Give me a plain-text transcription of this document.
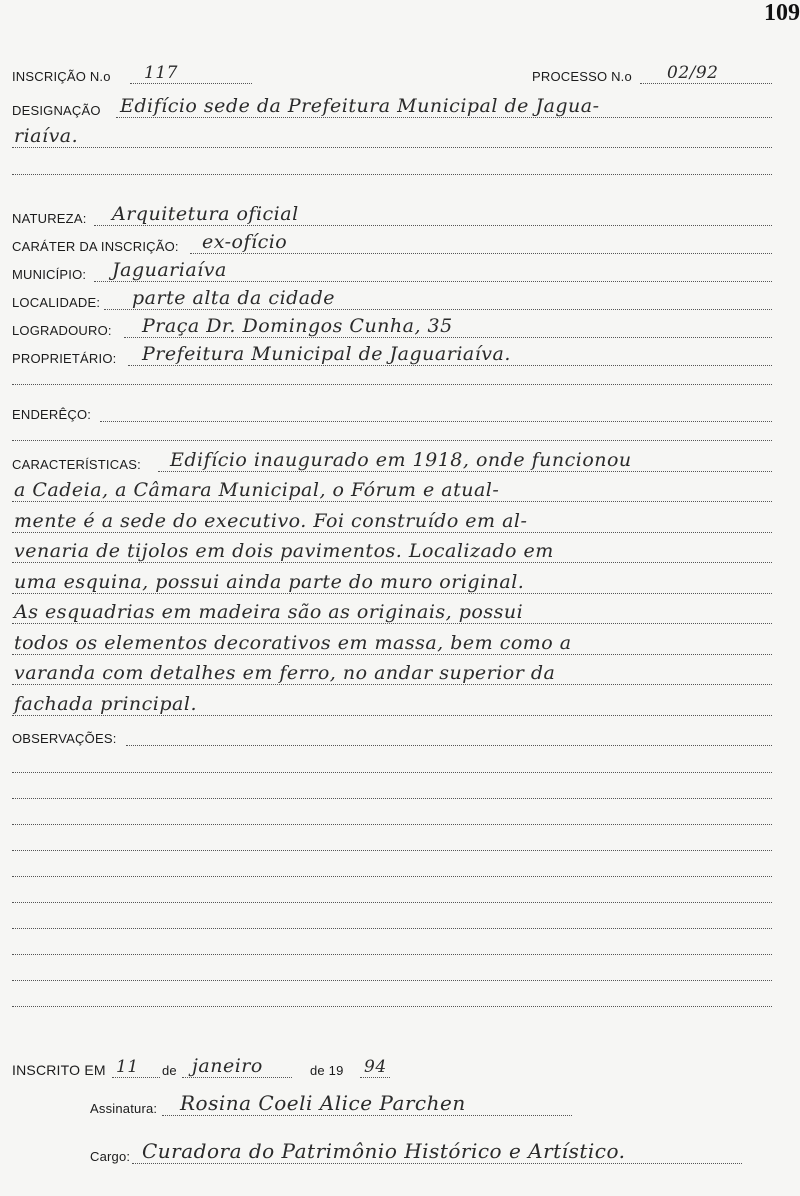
109
INSCRIÇÃO N.o 117	PROCESSO N.o 02/92
DESIGNAÇÃO Edifício sede da Prefeitura Municipal de Jagua-
riaíva.
NATUREZA: Arquitetura oficial
CARÁTER DA INSCRIÇÃO: ex-ofício
MUNICÍPIO: Jaguariaíva
LOCALIDADE: parte alta da cidade
LOGRADOURO: Praça Dr. Domingos Cunha, 35
PROPRIETÁRIO: Prefeitura Municipal de Jaguariaíva.
ENDERÊÇO:
CARACTERÍSTICAS: Edifício inaugurado em 1918, onde funcionou
a Cadeia, a Câmara Municipal, o Fórum e atual-
mente é a sede do executivo. Foi construído em al-
venaria de tijolos em dois pavimentos. Localizado em
uma esquina, possui ainda parte do muro original.
As esquadrias em madeira são as originais, possui
todos os elementos decorativos em massa, bem como a
varanda com detalhes em ferro, no andar superior da
fachada principal.
OBSERVAÇÕES:
INSCRITO EM 11 de janeiro	de 19 94
Assinatura: Rosina Coeli Alice Parchen
Cargo: Curadora do Patrimônio Histórico e Artístico.
